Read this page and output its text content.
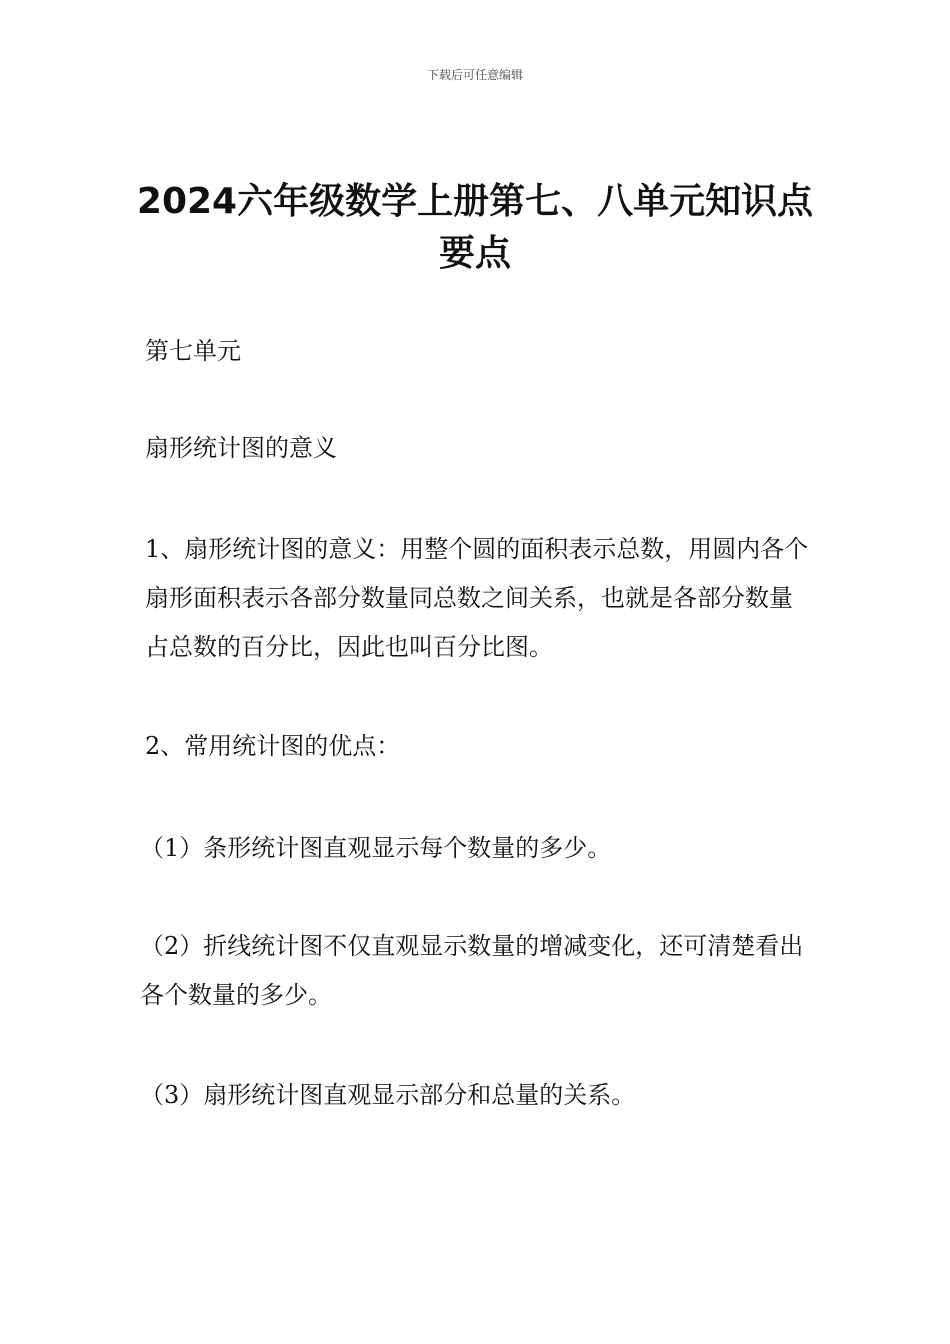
下载后可任意编辑
2024六年级数学上册第七、八单元知识点要点

第七单元

扇形统计图的意义

1、扇形统计图的意义：用整个圆的面积表示总数，用圆内各个扇形面积表示各部分数量同总数之间关系，也就是各部分数量占总数的百分比，因此也叫百分比图。

2、常用统计图的优点：

（1）条形统计图直观显示每个数量的多少。

（2）折线统计图不仅直观显示数量的增减变化，还可清楚看出各个数量的多少。

（3）扇形统计图直观显示部分和总量的关系。
